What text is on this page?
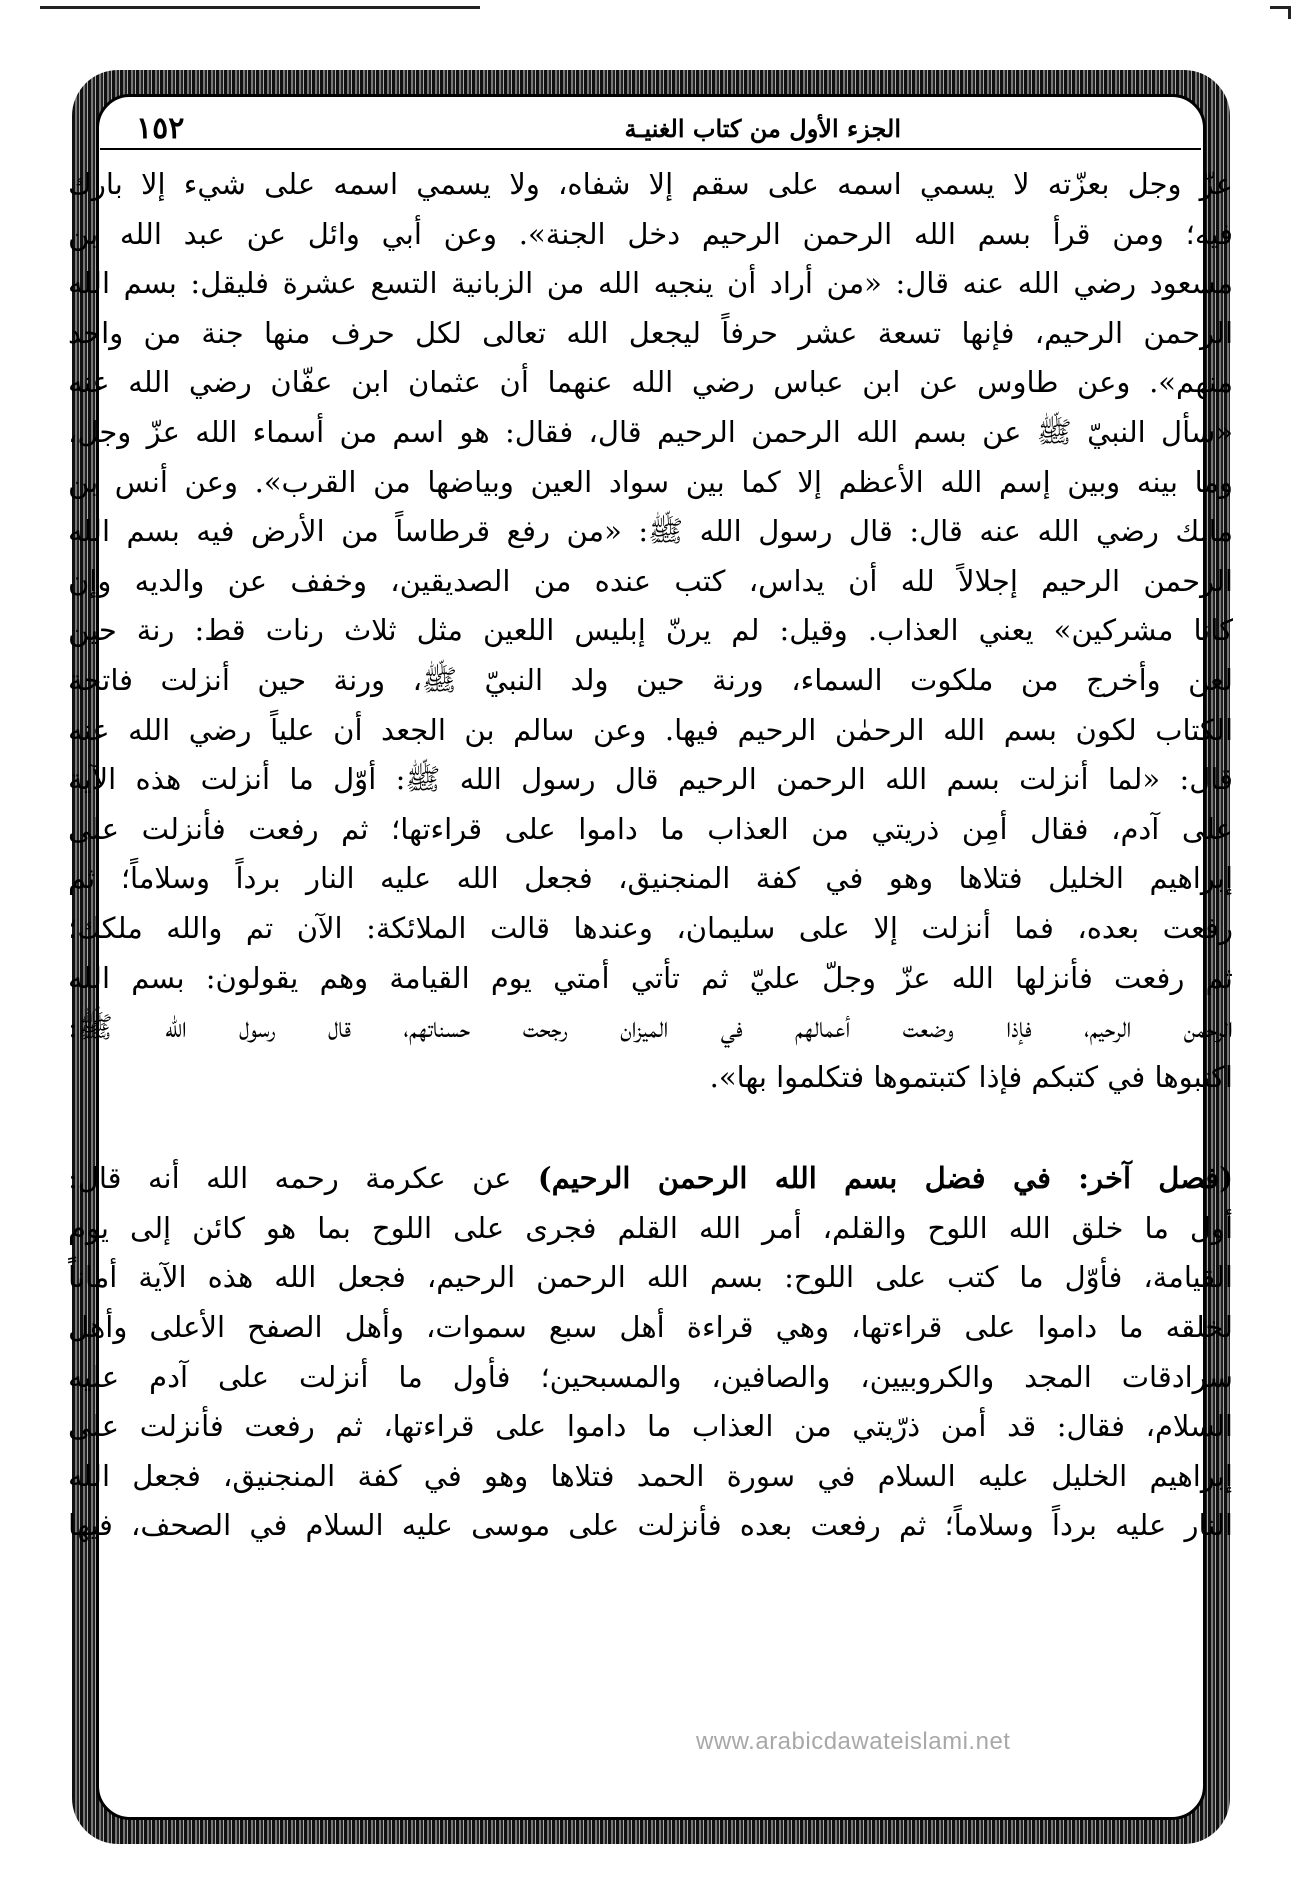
١٥٢	الجزء الأول من كتاب الغنيـة
عزّ وجل بعزّته لا يسمي اسمه على سقم إلا شفاه، ولا يسمي اسمه على شيء إلا بارك
فيه؛ ومن قرأ بسم الله الرحمن الرحيم دخل الجنة». وعن أبي وائل عن عبد الله بن
مسعود رضي الله عنه قال: «من أراد أن ينجيه الله من الزبانية التسع عشرة فليقل: بسم الله
الرحمن الرحيم، فإنها تسعة عشر حرفاً ليجعل الله تعالى لكل حرف منها جنة من واحد
منهم». وعن طاوس عن ابن عباس رضي الله عنهما أن عثمان ابن عفّان رضي الله عنه
«سأل النبيّ ﷺ عن بسم الله الرحمن الرحيم قال، فقال: هو اسم من أسماء الله عزّ وجل،
وما بينه وبين إسم الله الأعظم إلا كما بين سواد العين وبياضها من القرب». وعن أنس بن
مالك رضي الله عنه قال: قال رسول الله ﷺ: «من رفع قرطاساً من الأرض فيه بسم الله
الرحمن الرحيم إجلالاً لله أن يداس، كتب عنده من الصديقين، وخفف عن والديه وإن
كانا مشركين» يعني العذاب. وقيل: لم يرنّ إبليس اللعين مثل ثلاث رنات قط: رنة حين
لعن وأخرج من ملكوت السماء، ورنة حين ولد النبيّ ﷺ، ورنة حين أنزلت فاتحة
الكتاب لكون بسم الله الرحمٰن الرحيم فيها. وعن سالم بن الجعد أن علياً رضي الله عنه
قال: «لما أنزلت بسم الله الرحمن الرحيم قال رسول الله ﷺ: أوّل ما أنزلت هذه الآية
على آدم، فقال أمِن ذريتي من العذاب ما داموا على قراءتها؛ ثم رفعت فأنزلت على
إبراهيم الخليل فتلاها وهو في كفة المنجنيق، فجعل الله عليه النار برداً وسلاماً؛ ثم
رفعت بعده، فما أنزلت إلا على سليمان، وعندها قالت الملائكة: الآن تم والله ملكك؛
ثم رفعت فأنزلها الله عزّ وجلّ عليّ ثم تأتي أمتي يوم القيامة وهم يقولون: بسم الله
الرحمن الرحيم، فإذا وضعت أعمالهم في الميزان رجحت حسناتهم، قال رسول الله ﷺ:
اكتبوها في كتبكم فإذا كتبتموها فتكلموا بها».
(فصل آخر: في فضل بسم الله الرحمن الرحيم) عن عكرمة رحمه الله أنه قال:
أول ما خلق الله اللوح والقلم، أمر الله القلم فجرى على اللوح بما هو كائن إلى يوم
القيامة، فأوّل ما كتب على اللوح: بسم الله الرحمن الرحيم، فجعل الله هذه الآية أماناً
لخلقه ما داموا على قراءتها، وهي قراءة أهل سبع سموات، وأهل الصفح الأعلى وأهل
سرادقات المجد والكروبيين، والصافين، والمسبحين؛ فأول ما أنزلت على آدم عليه
السلام، فقال: قد أمن ذرّيتي من العذاب ما داموا على قراءتها، ثم رفعت فأنزلت على
إبراهيم الخليل عليه السلام في سورة الحمد فتلاها وهو في كفة المنجنيق، فجعل الله
النار عليه برداً وسلاماً؛ ثم رفعت بعده فأنزلت على موسى عليه السلام في الصحف، فيها
www.arabicdawateislami.net
